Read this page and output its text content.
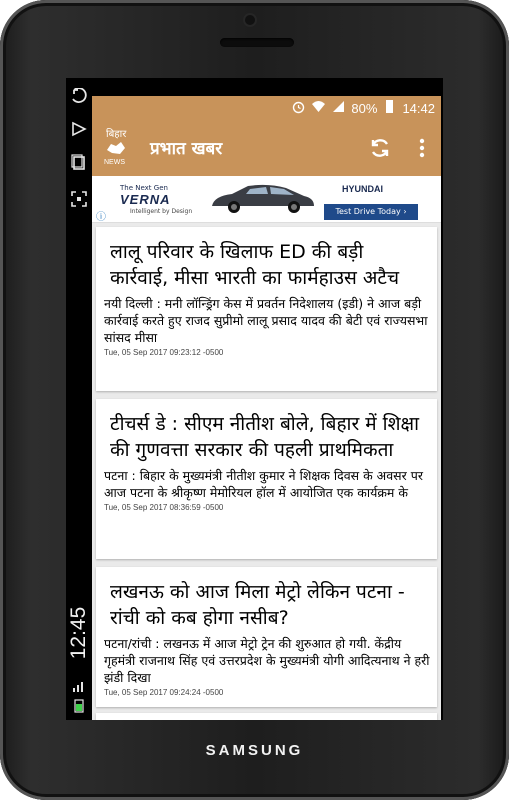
12:45
80% 14:42
बिहार
NEWS
प्रभात खबर
The Next Gen
VERNA
Intelligent by Design
HYUNDAI
Test Drive Today ›
ⓘ
लालू परिवार के खिलाफ ED की बड़ी कार्रवाई, मीसा भारती का फार्महाउस अटैच

नयी दिल्ली : मनी लॉन्ड्रिंग केस में प्रवर्तन निदेशालय (इडी) ने आज बड़ी कार्रवाई करते हुए राजद सुप्रीमो लालू प्रसाद यादव की बेटी एवं राज्यसभा सांसद मीसा

Tue, 05 Sep 2017 09:23:12 -0500
टीचर्स डे : सीएम नीतीश बोले, बिहार में शिक्षा की गुणवत्ता सरकार की पहली प्राथमिकता

पटना : बिहार के मुख्यमंत्री नीतीश कुमार ने शिक्षक दिवस के अवसर पर आज पटना के श्रीकृष्ण मेमोरियल हॉल में आयोजित एक कार्यक्रम के

Tue, 05 Sep 2017 08:36:59 -0500
लखनऊ को आज मिला मेट्रो लेकिन पटना - रांची को कब होगा नसीब?

पटना/रांची : लखनऊ में आज मेट्रो ट्रेन की शुरुआत हो गयी. केंद्रीय गृहमंत्री राजनाथ सिंह एवं उत्तरप्रदेश के मुख्यमंत्री योगी आदित्यनाथ ने हरी झंडी दिखा

Tue, 05 Sep 2017 09:24:24 -0500
SAMSUNG
